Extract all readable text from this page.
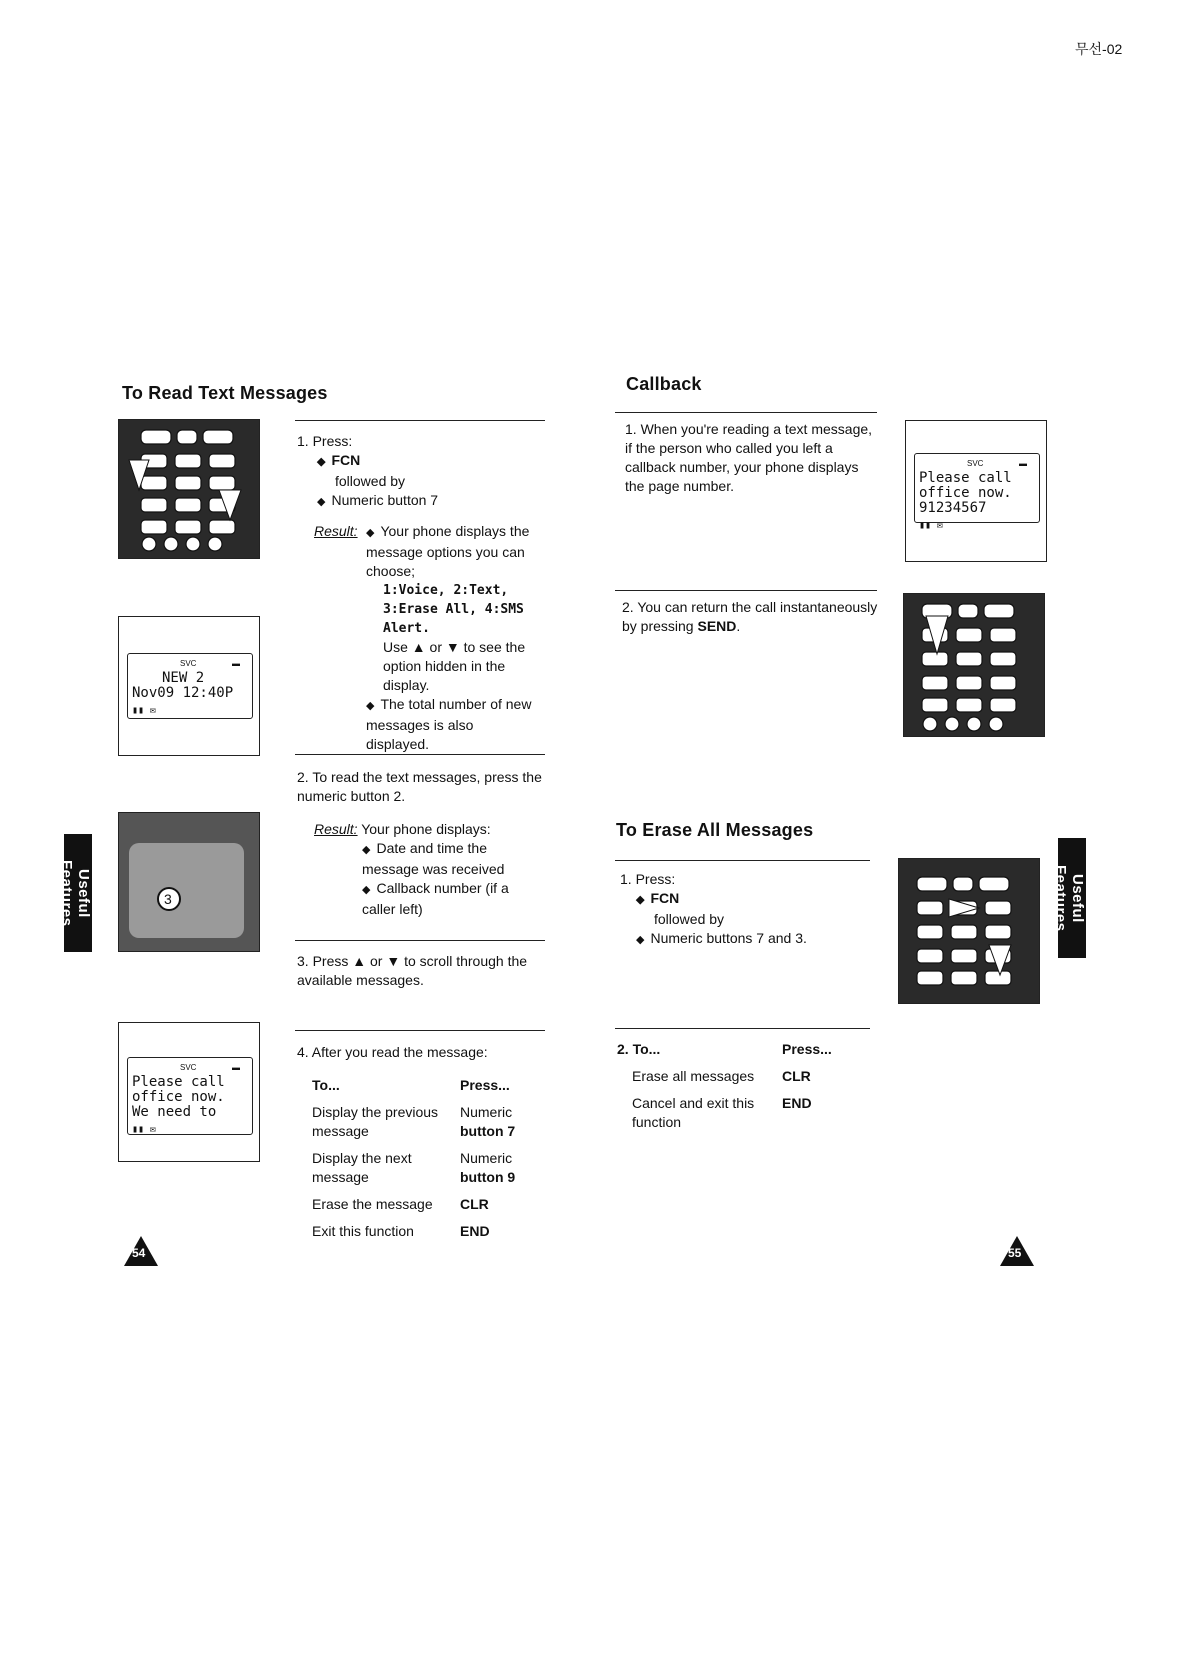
무선-02
To Read Text Messages
1. Press:
◆ FCN
followed by
◆ Numeric button 7
Result:
◆	Your phone displays the message options you can choose;
1:Voice, 2:Text, 3:Erase All, 4:SMS Alert.
Use ▲ or ▼ to see the option hidden in the display.
◆ The total number of new messages is also displayed.
2. To read the text messages, press the numeric button 2.
Result: Your phone displays:
◆ Date and time the message was received
◆ Callback number (if a caller left)
3. Press ▲ or ▼ to scroll through the available messages.
4. After you read the message:
To...	Press...
Display the previous message
Numeric
button 7
Display the next message
Numeric
button 9
Erase the message	CLR
Exit this function	END
SVC	▬
NEW 2
Nov09 12:40P
▮▮ ✉
3
SVC	▬
Please call
office now.
We need to
▮▮ ✉
Useful Features
54
Callback
1. When you're reading a text message, if the person who called you left a callback number, your phone displays the page number.
SVC	▬
Please call
office now.
91234567
▮▮ ✉
2. You can return the call instantaneously by pressing SEND.
To Erase All Messages
1. Press:
◆ FCN
followed by
◆ Numeric buttons 7 and 3.
Useful Features
2. To...	Press...
Erase all messages	CLR
Cancel and exit this function
END
55
